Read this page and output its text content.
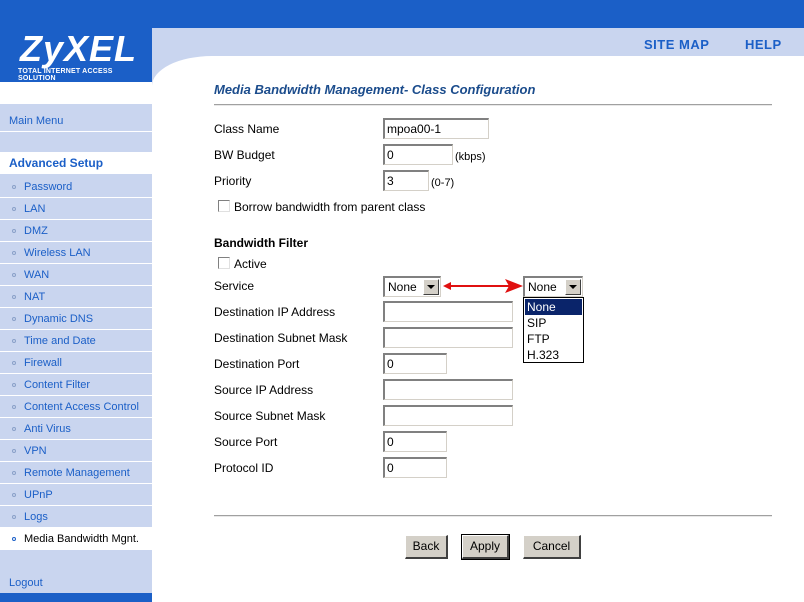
SITE MAP	HELP
ZyXEL
TOTAL INTERNET ACCESS SOLUTION
Main Menu
Advanced Setup
Password
LAN
DMZ
Wireless LAN
WAN
NAT
Dynamic DNS
Time and Date
Firewall
Content Filter
Content Access Control
Anti Virus
VPN
Remote Management
UPnP
Logs
Media Bandwidth Mgnt.
Logout
Media Bandwidth Management- Class Configuration
Class Name	mpoa00-1
BW Budget	0	(kbps)
Priority	3	(0-7)
Borrow bandwidth from parent class
Bandwidth Filter
Active
Service	None	None
None
SIP
FTP
H.323
Destination IP Address
Destination Subnet Mask
Destination Port	0
Source IP Address
Source Subnet Mask
Source Port	0
Protocol ID	0
Back	Apply	Cancel
